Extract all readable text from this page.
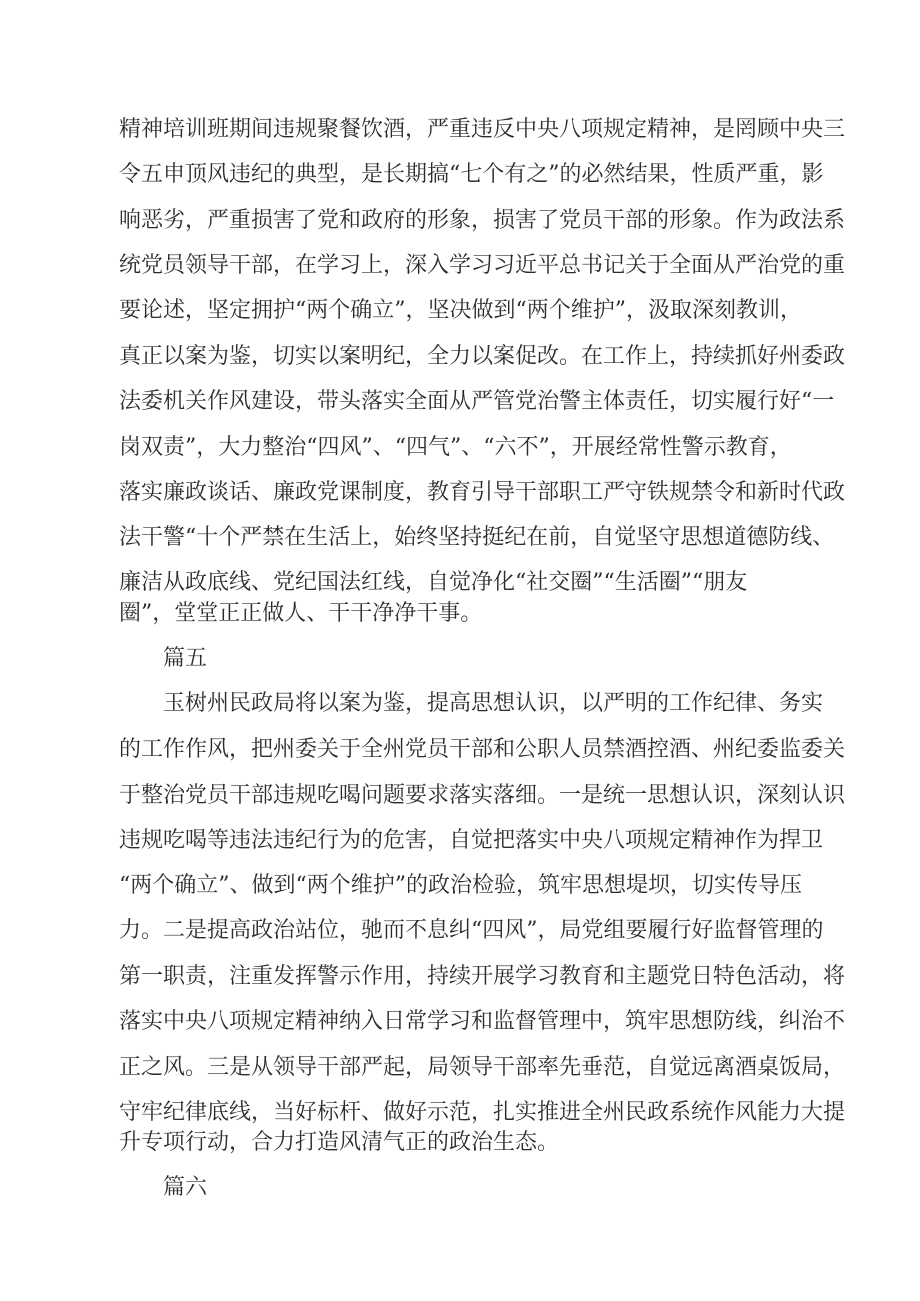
精神培训班期间违规聚餐饮酒，严重违反中央八项规定精神，是罔顾中央三
令五申顶风违纪的典型，是长期搞“七个有之”的必然结果，性质严重，影
响恶劣，严重损害了党和政府的形象，损害了党员干部的形象。作为政法系
统党员领导干部，在学习上，深入学习习近平总书记关于全面从严治党的重
要论述，坚定拥护“两个确立”，坚决做到“两个维护”，汲取深刻教训，
真正以案为鉴，切实以案明纪，全力以案促改。在工作上，持续抓好州委政
法委机关作风建设，带头落实全面从严管党治警主体责任，切实履行好“一
岗双责”，大力整治“四风”、“四气”、“六不”，开展经常性警示教育，
落实廉政谈话、廉政党课制度，教育引导干部职工严守铁规禁令和新时代政
法干警“十个严禁在生活上，始终坚持挺纪在前，自觉坚守思想道德防线、
廉洁从政底线、党纪国法红线，自觉净化“社交圈”“生活圈”“朋友
圈”，堂堂正正做人、干干净净干事。
篇五
玉树州民政局将以案为鉴，提高思想认识，以严明的工作纪律、务实
的工作作风，把州委关于全州党员干部和公职人员禁酒控酒、州纪委监委关
于整治党员干部违规吃喝问题要求落实落细。一是统一思想认识，深刻认识
违规吃喝等违法违纪行为的危害，自觉把落实中央八项规定精神作为捍卫
“两个确立”、做到“两个维护”的政治检验，筑牢思想堤坝，切实传导压
力。二是提高政治站位，驰而不息纠“四风”，局党组要履行好监督管理的
第一职责，注重发挥警示作用，持续开展学习教育和主题党日特色活动，将
落实中央八项规定精神纳入日常学习和监督管理中，筑牢思想防线，纠治不
正之风。三是从领导干部严起，局领导干部率先垂范，自觉远离酒桌饭局，
守牢纪律底线，当好标杆、做好示范，扎实推进全州民政系统作风能力大提
升专项行动，合力打造风清气正的政治生态。
篇六
